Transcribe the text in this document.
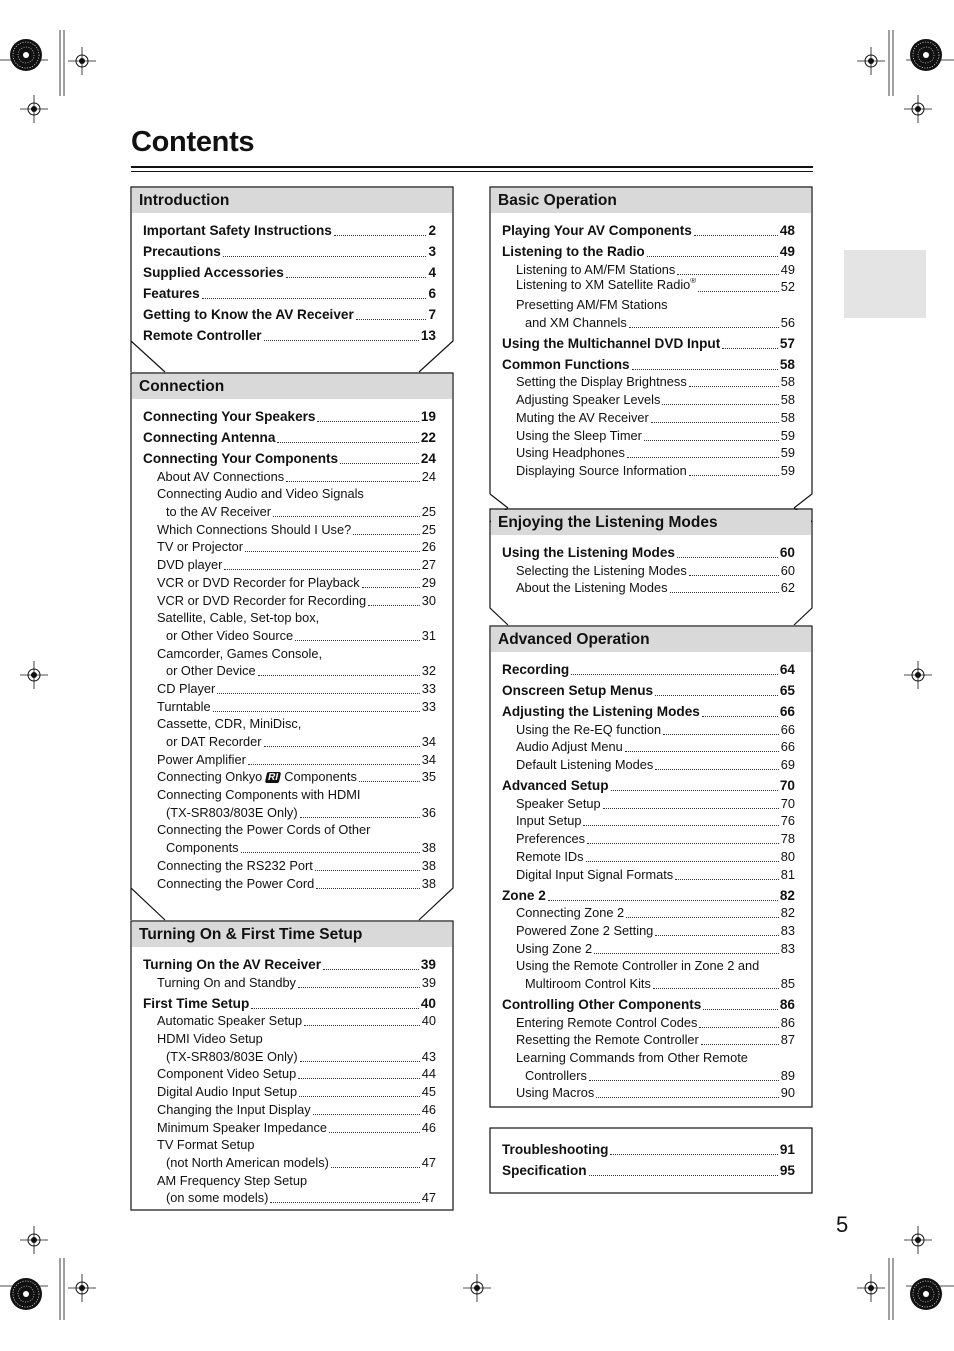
Contents
Introduction
Important Safety Instructions	2
Precautions	3
Supplied Accessories	4
Features	6
Getting to Know the AV Receiver	7
Remote Controller	13
Connection
Connecting Your Speakers	19
Connecting Antenna	22
Connecting Your Components	24
About AV Connections	24
Connecting Audio and Video Signals
to the AV Receiver	25
Which Connections Should I Use?	25
TV or Projector	26
DVD player	27
VCR or DVD Recorder for Playback	29
VCR or DVD Recorder for Recording	30
Satellite, Cable, Set-top box,
or Other Video Source	31
Camcorder, Games Console,
or Other Device	32
CD Player	33
Turntable	33
Cassette, CDR, MiniDisc,
or DAT Recorder	34
Power Amplifier	34
Connecting Onkyo RI Components	35
Connecting Components with HDMI
(TX-SR803/803E Only)	36
Connecting the Power Cords of Other
Components	38
Connecting the RS232 Port	38
Connecting the Power Cord	38
Turning On & First Time Setup
Turning On the AV Receiver	39
Turning On and Standby	39
First Time Setup	40
Automatic Speaker Setup	40
HDMI Video Setup
(TX-SR803/803E Only)	43
Component Video Setup	44
Digital Audio Input Setup	45
Changing the Input Display	46
Minimum Speaker Impedance	46
TV Format Setup
(not North American models)	47
AM Frequency Step Setup
(on some models)	47
Basic Operation
Playing Your AV Components	48
Listening to the Radio	49
Listening to AM/FM Stations	49
Listening to XM Satellite Radio®	52
Presetting AM/FM Stations
and XM Channels	56
Using the Multichannel DVD Input	57
Common Functions	58
Setting the Display Brightness	58
Adjusting Speaker Levels	58
Muting the AV Receiver	58
Using the Sleep Timer	59
Using Headphones	59
Displaying Source Information	59
Enjoying the Listening Modes
Using the Listening Modes	60
Selecting the Listening Modes	60
About the Listening Modes	62
Advanced Operation
Recording	64
Onscreen Setup Menus	65
Adjusting the Listening Modes	66
Using the Re-EQ function	66
Audio Adjust Menu	66
Default Listening Modes	69
Advanced Setup	70
Speaker Setup	70
Input Setup	76
Preferences	78
Remote IDs	80
Digital Input Signal Formats	81
Zone 2	82
Connecting Zone 2	82
Powered Zone 2 Setting	83
Using Zone 2	83
Using the Remote Controller in Zone 2 and
Multiroom Control Kits	85
Controlling Other Components	86
Entering Remote Control Codes	86
Resetting the Remote Controller	87
Learning Commands from Other Remote
Controllers	89
Using Macros	90
Troubleshooting	91
Specification	95
5
